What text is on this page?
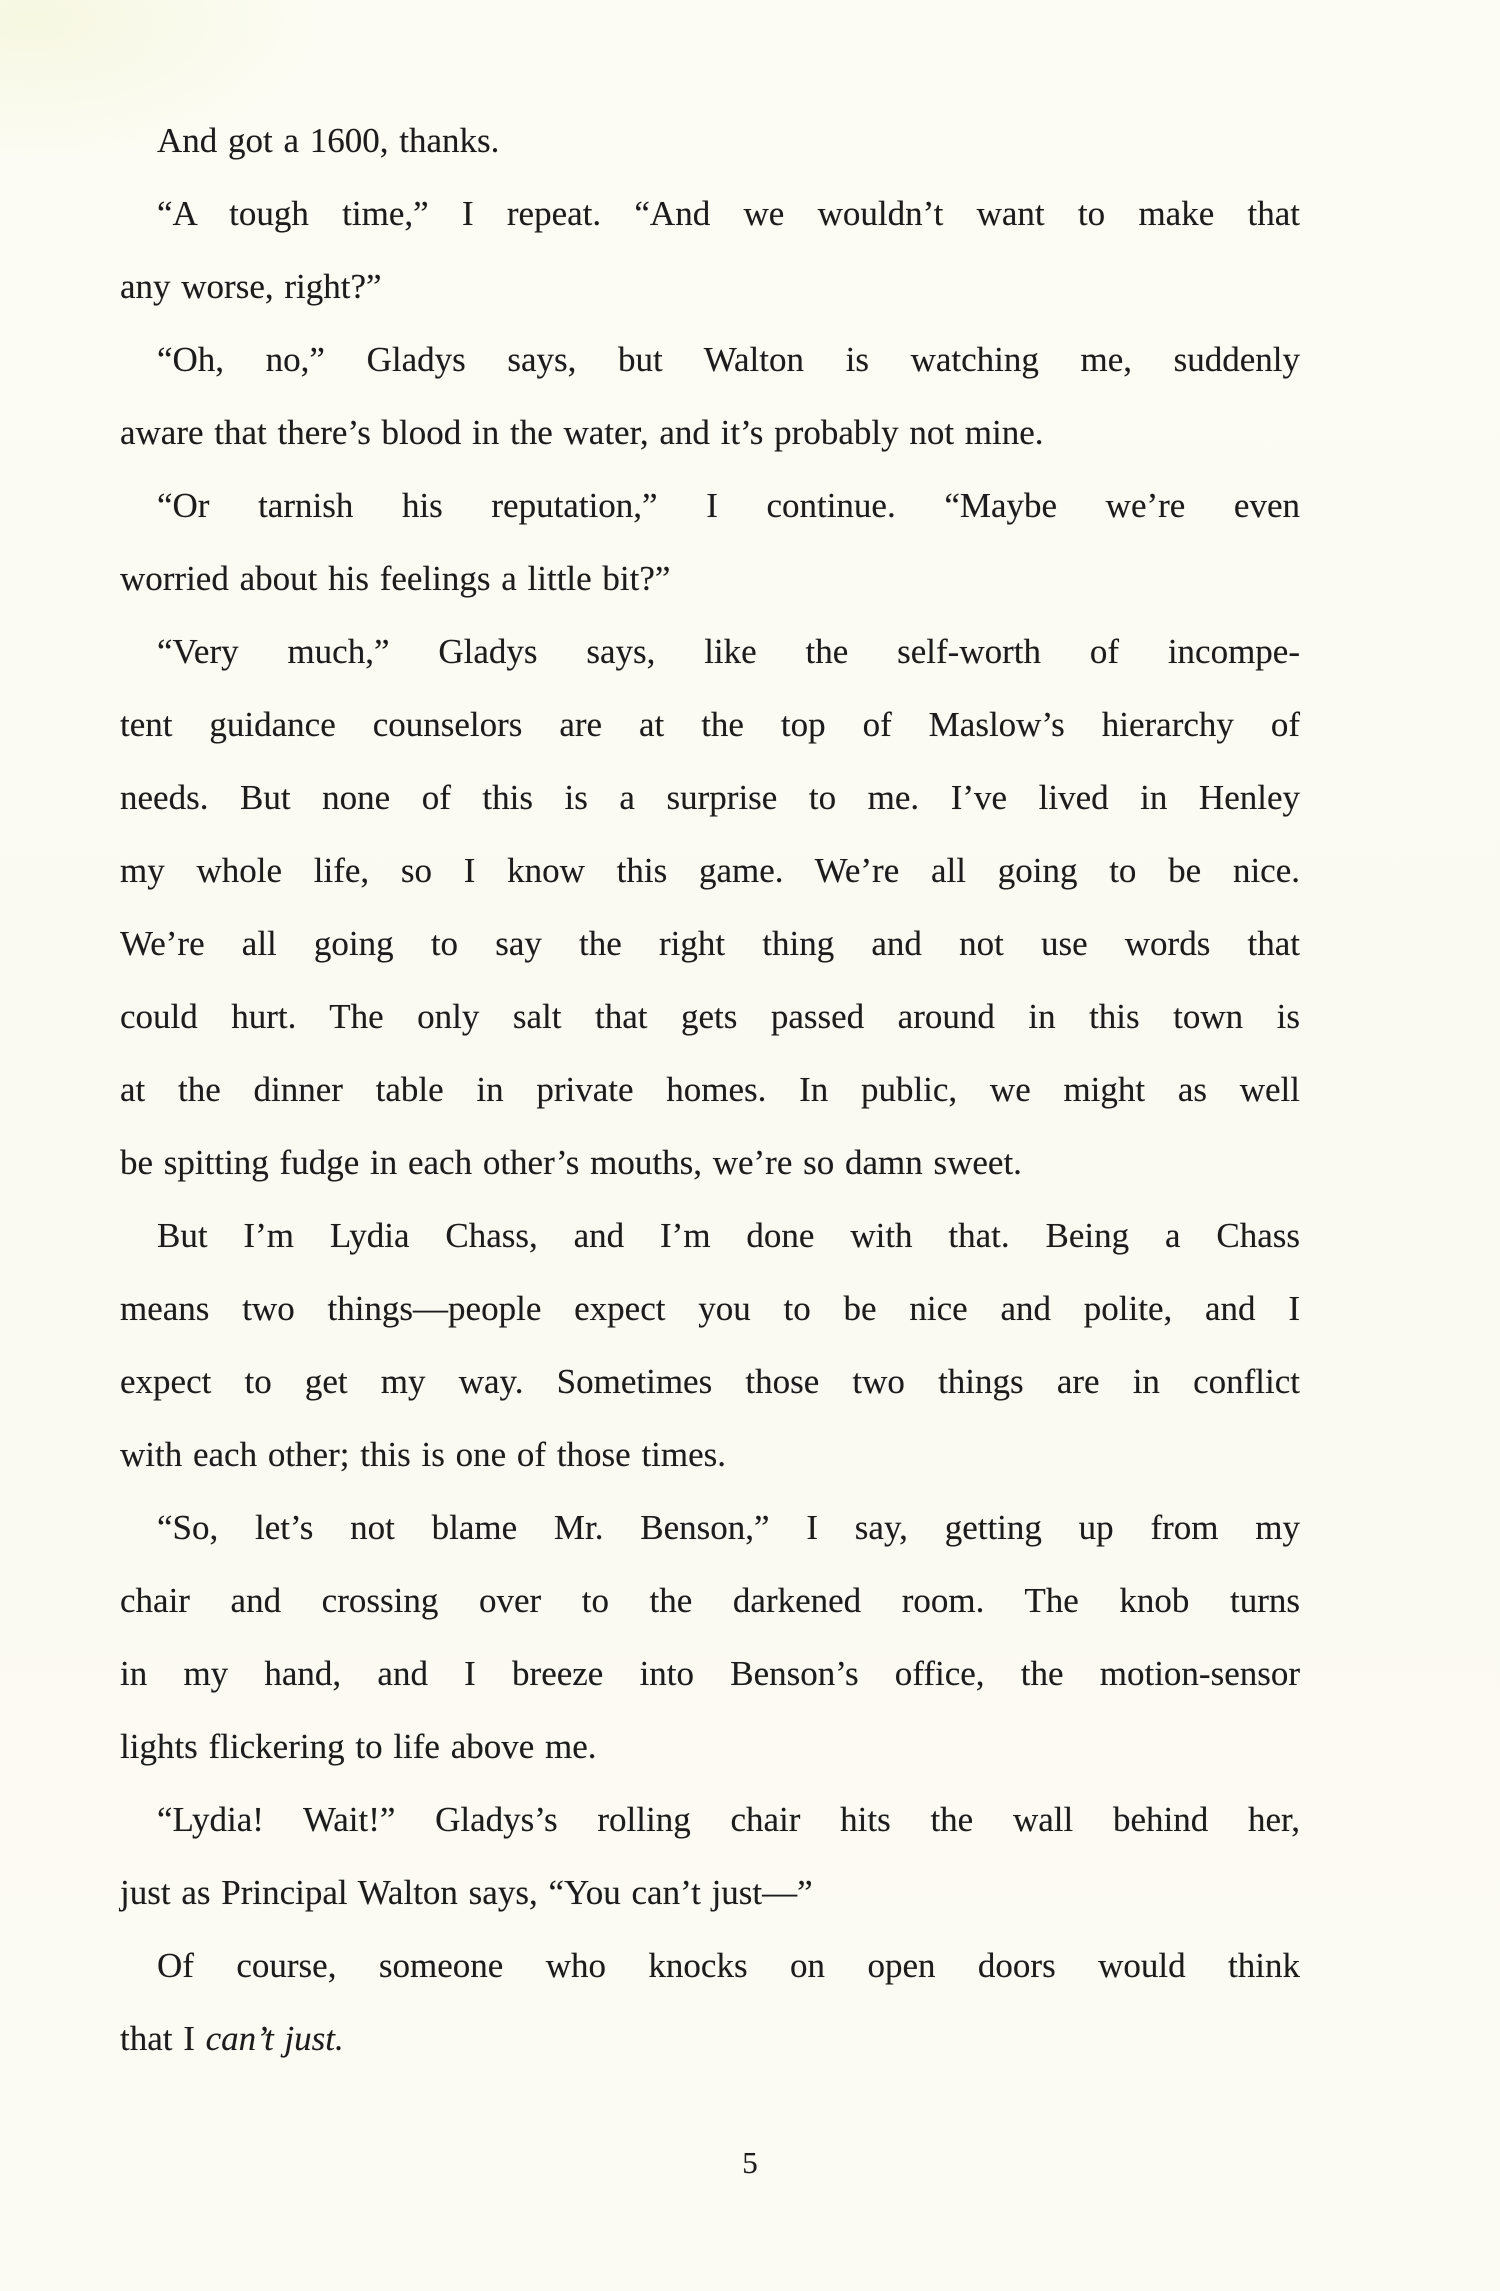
And got a 1600, thanks.
“A tough time,” I repeat. “And we wouldn’t want to make that
any worse, right?”
“Oh, no,” Gladys says, but Walton is watching me, suddenly
aware that there’s blood in the water, and it’s probably not mine.
“Or tarnish his reputation,” I continue. “Maybe we’re even
worried about his feelings a little bit?”
“Very much,” Gladys says, like the self-worth of incompe-
tent guidance counselors are at the top of Maslow’s hierarchy of
needs. But none of this is a surprise to me. I’ve lived in Henley
my whole life, so I know this game. We’re all going to be nice.
We’re all going to say the right thing and not use words that
could hurt. The only salt that gets passed around in this town is
at the dinner table in private homes. In public, we might as well
be spitting fudge in each other’s mouths, we’re so damn sweet.
But I’m Lydia Chass, and I’m done with that. Being a Chass
means two things—people expect you to be nice and polite, and I
expect to get my way. Sometimes those two things are in conflict
with each other; this is one of those times.
“So, let’s not blame Mr. Benson,” I say, getting up from my
chair and crossing over to the darkened room. The knob turns
in my hand, and I breeze into Benson’s office, the motion-sensor
lights flickering to life above me.
“Lydia! Wait!” Gladys’s rolling chair hits the wall behind her,
just as Principal Walton says, “You can’t just—”
Of course, someone who knocks on open doors would think
that I can’t just.
5
